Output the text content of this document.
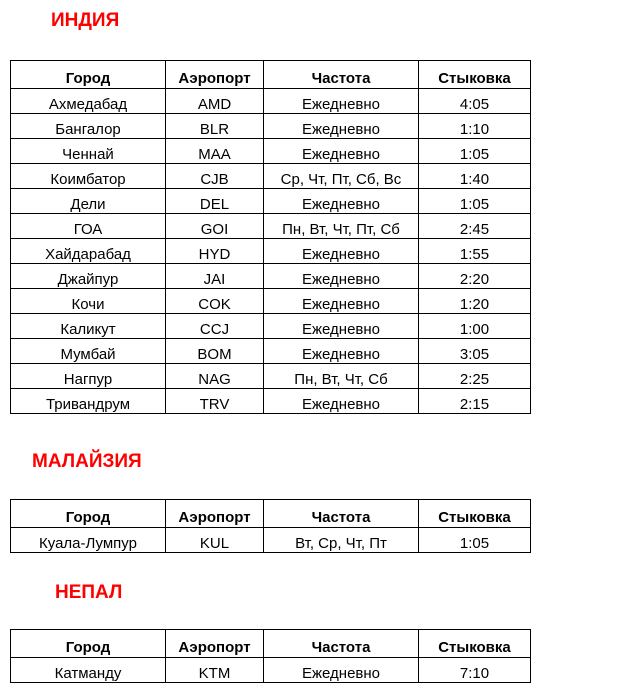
ИНДИЯ
Город	Аэропорт	Частота	Стыковка
Ахмедабад	AMD	Ежедневно	4:05
Бангалор	BLR	Ежедневно	1:10
Ченнай	MAA	Ежедневно	1:05
Коимбатор	CJB	Ср, Чт, Пт, Сб, Вс	1:40
Дели	DEL	Ежедневно	1:05
ГОА	GOI	Пн, Вт, Чт, Пт, Сб	2:45
Хайдарабад	HYD	Ежедневно	1:55
Джайпур	JAI	Ежедневно	2:20
Кочи	COK	Ежедневно	1:20
Каликут	CCJ	Ежедневно	1:00
Мумбай	BOM	Ежедневно	3:05
Нагпур	NAG	Пн, Вт, Чт, Сб	2:25
Тривандрум	TRV	Ежедневно	2:15
МАЛАЙЗИЯ
Город	Аэропорт	Частота	Стыковка
Куала-Лумпур	KUL	Вт, Ср, Чт, Пт	1:05
НЕПАЛ
Город	Аэропорт	Частота	Стыковка
Катманду	KTM	Ежедневно	7:10
